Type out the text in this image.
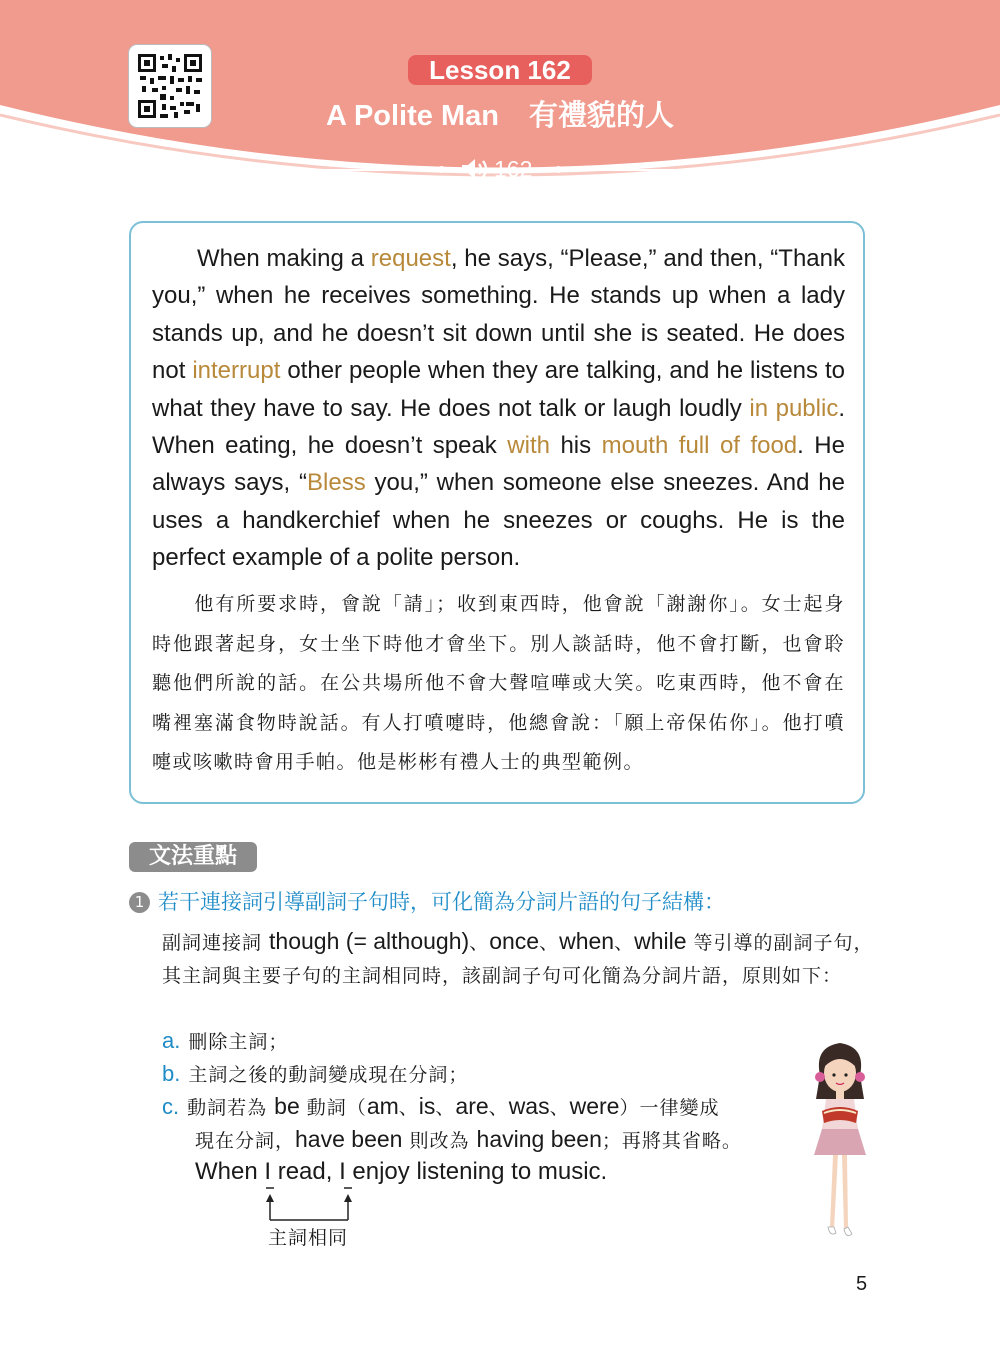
Lesson 162
A Polite Man 有禮貌的人
162

When making a request, he says, “Please,” and then, “Thank you,” when he receives something. He stands up when a lady stands up, and he doesn’t sit down until she is seated. He does not interrupt other people when they are talking, and he listens to what they have to say. He does not talk or laugh loudly in public. When eating, he doesn’t speak with his mouth full of food. He always says, “Bless you,” when someone else sneezes. And he uses a handkerchief when he sneezes or coughs. He is the perfect example of a polite person.

他有所要求時，會說「請」；收到東西時，他會說「謝謝你」。女士起身時他跟著起身，女士坐下時他才會坐下。別人談話時，他不會打斷，也會聆聽他們所說的話。在公共場所他不會大聲喧嘩或大笑。吃東西時，他不會在嘴裡塞滿食物時說話。有人打噴嚏時，他總會說：「願上帝保佑你」。他打噴嚏或咳嗽時會用手帕。他是彬彬有禮人士的典型範例。

文法重點
1 若干連接詞引導副詞子句時，可化簡為分詞片語的句子結構：

副詞連接詞 though (= although)、once、when、while 等引導的副詞子句，其主詞與主要子句的主詞相同時，該副詞子句可化簡為分詞片語，原則如下：

a. 刪除主詞；
b. 主詞之後的動詞變成現在分詞；
c. 動詞若為 be 動詞（am、is、are、was、were）一律變成
現在分詞，have been 則改為 having been；再將其省略。
When I read, I enjoy listening to music.
主詞相同
5
